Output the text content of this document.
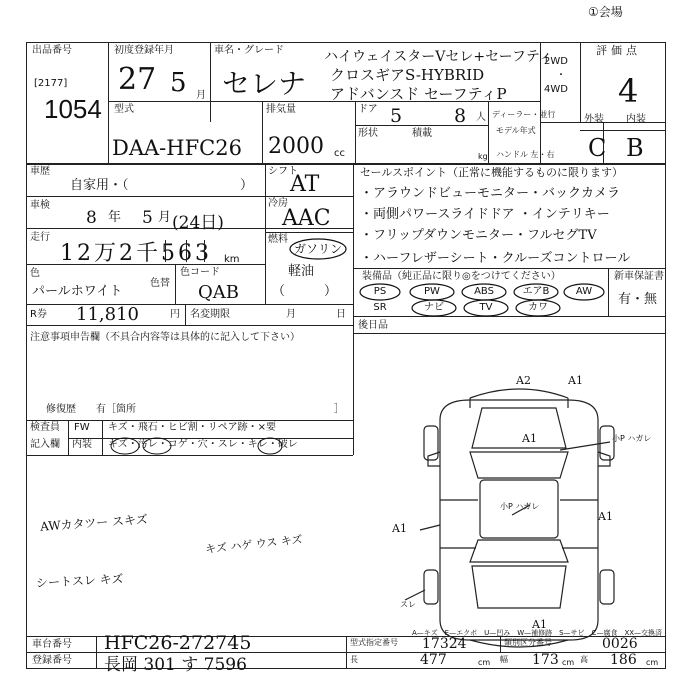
①会場
出品番号
[2177]
1054
初度登録年月
27 5 月
車名・グレード
セレナ
ハイウェイスターVセレ+セーフティ
クロスギアS-HYBRID
アドバンスド セーフティP
2WD
・
4WD
評価点
4
型式
DAA-HFC26
排気量
2000 cc
ドア 5	8 人
形状	積載
kg
ディーラー・並行
モデル年式
ハンドル 左・右
外装 内装
C B
車歴
自家用・（	）
車検
8 年 5 月 (24日)
走行
12万2千563 km
シフト
AT
冷房
AAC
燃料
ガソリン
軽油
（　　　）
色
パールホワイト
色替
色コード
QAB
R券 11,810	円 名変期限	月	日
注意事項申告欄（不具合内容等は具体的に記入して下さい）
修復歴 有［箇所	］
検査員
記入欄
FW キズ・飛石・ヒビ割・リペア跡・×要
内装 キズ・汚レ・コゲ・穴・スレ・キレ・破レ
AWカタツー スキズ
キズ ハゲ ウス キズ
シートスレ キズ
セールスポイント（正常に機能するものに限ります）
・アラウンドビューモニター・バックカメラ
・両側パワースライドドア ・インテリキー
・フリップダウンモニター・フルセグTV
・ハーフレザーシート・クルーズコントロール
装備品（純正品に限り◎をつけてください）	新車保証書
有・無
PS	PW	ABS	エアB	AW
SR	ナビ	TV	カワ
後日品
A2	A1
A1
A1
A1
A1
小P ハガレ
小P ハガレ
スレ
A—キズ　E—エクボ　U—凹み　W—補修跡　S—サビ　C—腐食　XX—交換済
車台番号 HFC26-272745
登録番号 長岡 301 す 7596
型式指定番号 17324	類別区分番号	0026
長	477	cm 幅 173 cm 高 186 cm
